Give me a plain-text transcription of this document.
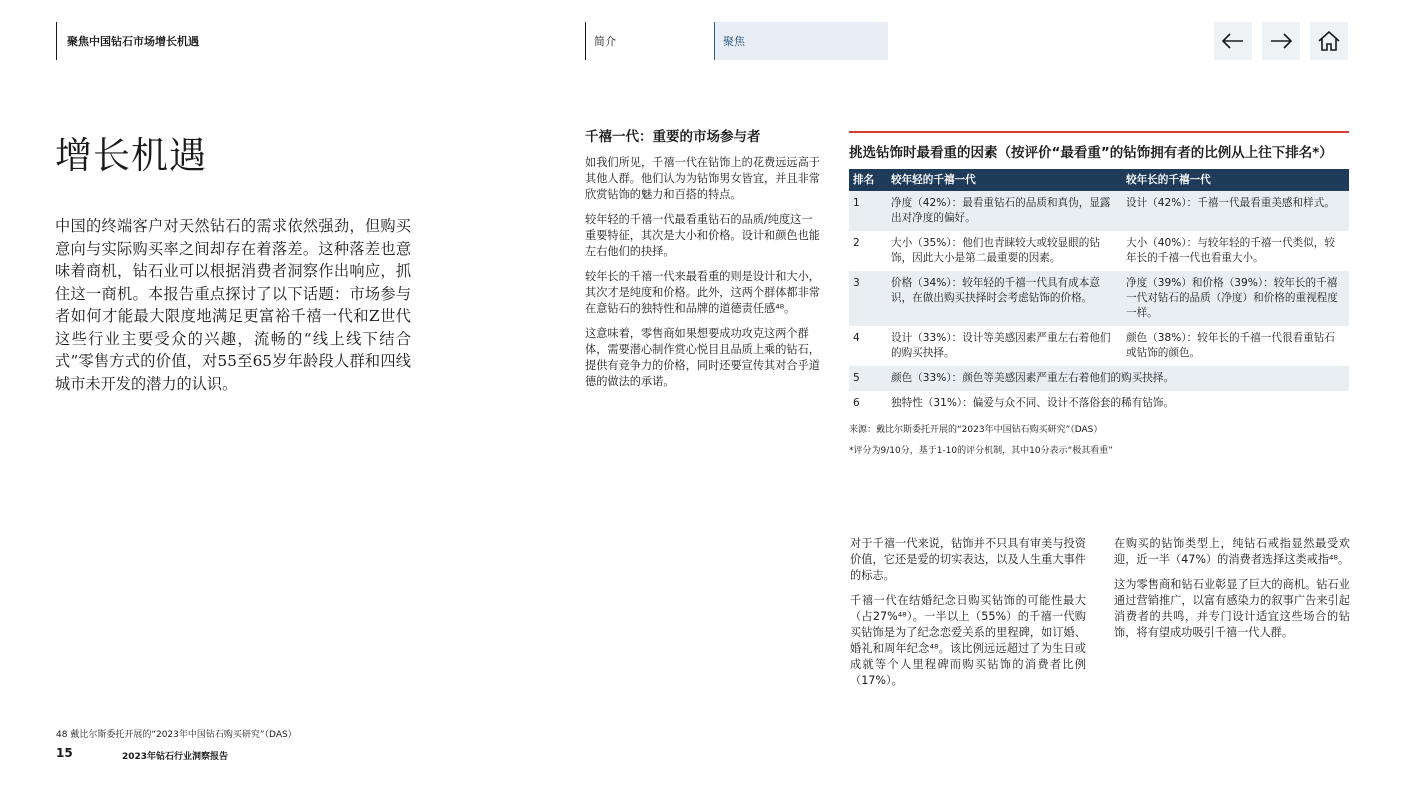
聚焦中国钻石市场增长机遇	简介	聚焦
增长机遇

中国的终端客户对天然钻石的需求依然强劲，但购买意向与实际购买率之间却存在着落差。这种落差也意味着商机，钻石业可以根据消费者洞察作出响应，抓住这一商机。本报告重点探讨了以下话题：市场参与者如何才能最大限度地满足更富裕千禧一代和Z世代这些行业主要受众的兴趣，流畅的“线上线下结合式”零售方式的价值，对55至65岁年龄段人群和四线城市未开发的潜力的认识。

千禧一代：重要的市场参与者

如我们所见，千禧一代在钻饰上的花费远远高于其他人群。他们认为为钻饰男女皆宜，并且非常欣赏钻饰的魅力和百搭的特点。

较年轻的千禧一代最看重钻石的品质/纯度这一重要特征，其次是大小和价格。设计和颜色也能左右他们的抉择。

较年长的千禧一代来最看重的则是设计和大小，其次才是纯度和价格。此外，这两个群体都非常在意钻石的独特性和品牌的道德责任感⁴⁸。

这意味着，零售商如果想要成功攻克这两个群体，需要潜心制作赏心悦目且品质上乘的钻石，提供有竞争力的价格，同时还要宣传其对合乎道德的做法的承诺。

挑选钻饰时最看重的因素（按评价“最看重”的钻饰拥有者的比例从上往下排名*）
排名	较年轻的千禧一代	较年长的千禧一代
1	净度（42%）：最看重钻石的品质和真伪，显露出对净度的偏好。	设计（42%）：千禧一代最看重美感和样式。
2	大小（35%）：他们也青睐较大或较显眼的钻饰，因此大小是第二最重要的因素。	大小（40%）：与较年轻的千禧一代类似，较年长的千禧一代也看重大小。
3	价格（34%）：较年轻的千禧一代具有成本意识，在做出购买抉择时会考虑钻饰的价格。	净度（39%）和价格（39%）：较年长的千禧一代对钻石的品质（净度）和价格的重视程度一样。
4	设计（33%）：设计等美感因素严重左右着他们的购买抉择。	颜色（38%）：较年长的千禧一代很看重钻石或钻饰的颜色。
5	颜色（33%）：颜色等美感因素严重左右着他们的购买抉择。	
6	独特性（31%）：偏爱与众不同、设计不落俗套的稀有钻饰。	
来源：戴比尔斯委托开展的“2023年中国钻石购买研究”（DAS）
*评分为9/10分，基于1-10的评分机制，其中10分表示“极其看重”

对于千禧一代来说，钻饰并不只具有审美与投资价值，它还是爱的切实表达，以及人生重大事件的标志。

千禧一代在结婚纪念日购买钻饰的可能性最大（占27%⁴⁸）。一半以上（55%）的千禧一代购买钻饰是为了纪念恋爱关系的里程碑，如订婚、婚礼和周年纪念⁴⁸。该比例远远超过了为生日或成就等个人里程碑而购买钻饰的消费者比例（17%）。

在购买的钻饰类型上，纯钻石戒指显然最受欢迎，近一半（47%）的消费者选择这类戒指⁴⁸。

这为零售商和钻石业彰显了巨大的商机。钻石业通过营销推广，以富有感染力的叙事广告来引起消费者的共鸣，并专门设计适宜这些场合的钻饰，将有望成功吸引千禧一代人群。

48 戴比尔斯委托开展的“2023年中国钻石购买研究”（DAS）
15	2023年钻石行业洞察报告
